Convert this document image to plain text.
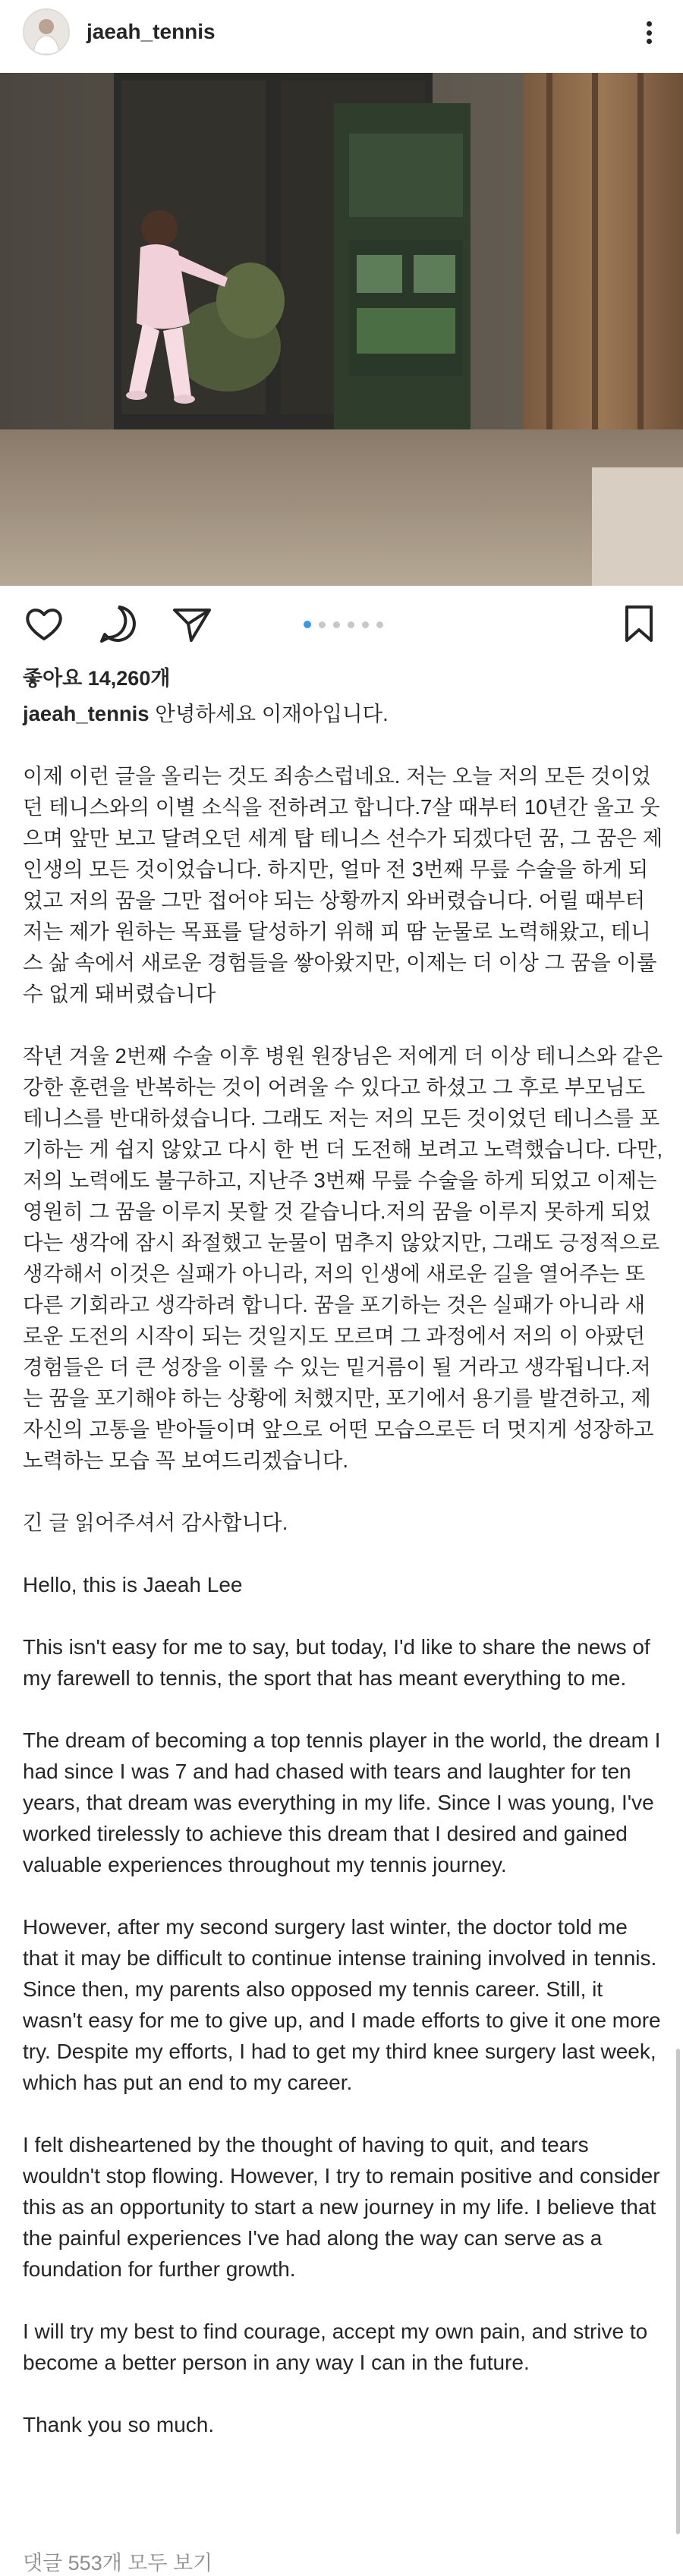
jaeah_tennis
좋아요 14,260개

jaeah_tennis 안녕하세요 이재아입니다.

이제 이런 글을 올리는 것도 죄송스럽네요. 저는 오늘 저의 모든 것이었던 테니스와의 이별 소식을 전하려고 합니다.7살 때부터 10년간 울고 웃으며 앞만 보고 달려오던 세계 탑 테니스 선수가 되겠다던 꿈, 그 꿈은 제 인생의 모든 것이었습니다. 하지만, 얼마 전 3번째 무릎 수술을 하게 되었고 저의 꿈을 그만 접어야 되는 상황까지 와버렸습니다. 어릴 때부터 저는 제가 원하는 목표를 달성하기 위해 피 땀 눈물로 노력해왔고, 테니스 삶 속에서 새로운 경험들을 쌓아왔지만, 이제는 더 이상 그 꿈을 이룰 수 없게 돼버렸습니다

작년 겨울 2번째 수술 이후 병원 원장님은 저에게 더 이상 테니스와 같은 강한 훈련을 반복하는 것이 어려울 수 있다고 하셨고 그 후로 부모님도 테니스를 반대하셨습니다. 그래도 저는 저의 모든 것이었던 테니스를 포기하는 게 쉽지 않았고 다시 한 번 더 도전해 보려고 노력했습니다. 다만, 저의 노력에도 불구하고, 지난주 3번째 무릎 수술을 하게 되었고 이제는 영원히 그 꿈을 이루지 못할 것 같습니다.저의 꿈을 이루지 못하게 되었다는 생각에 잠시 좌절했고 눈물이 멈추지 않았지만, 그래도 긍정적으로 생각해서 이것은 실패가 아니라, 저의 인생에 새로운 길을 열어주는 또 다른 기회라고 생각하려 합니다. 꿈을 포기하는 것은 실패가 아니라 새로운 도전의 시작이 되는 것일지도 모르며 그 과정에서 저의 이 아팠던 경험들은 더 큰 성장을 이룰 수 있는 밑거름이 될 거라고 생각됩니다.저는 꿈을 포기해야 하는 상황에 처했지만, 포기에서 용기를 발견하고, 제 자신의 고통을 받아들이며 앞으로 어떤 모습으로든 더 멋지게 성장하고 노력하는 모습 꼭 보여드리겠습니다.

긴 글 읽어주셔서 감사합니다.

Hello, this is Jaeah Lee

This isn't easy for me to say, but today, I'd like to share the news of my farewell to tennis, the sport that has meant everything to me.

The dream of becoming a top tennis player in the world, the dream I had since I was 7 and had chased with tears and laughter for ten years, that dream was everything in my life. Since I was young, I've worked tirelessly to achieve this dream that I desired and gained valuable experiences throughout my tennis journey.

However, after my second surgery last winter, the doctor told me that it may be difficult to continue intense training involved in tennis. Since then, my parents also opposed my tennis career. Still, it wasn't easy for me to give up, and I made efforts to give it one more try. Despite my efforts, I had to get my third knee surgery last week, which has put an end to my career.

I felt disheartened by the thought of having to quit, and tears wouldn't stop flowing. However, I try to remain positive and consider this as an opportunity to start a new journey in my life. I believe that the painful experiences I've had along the way can serve as a foundation for further growth.

I will try my best to find courage, accept my own pain, and strive to become a better person in any way I can in the future.

Thank you so much.

댓글 553개 모두 보기
